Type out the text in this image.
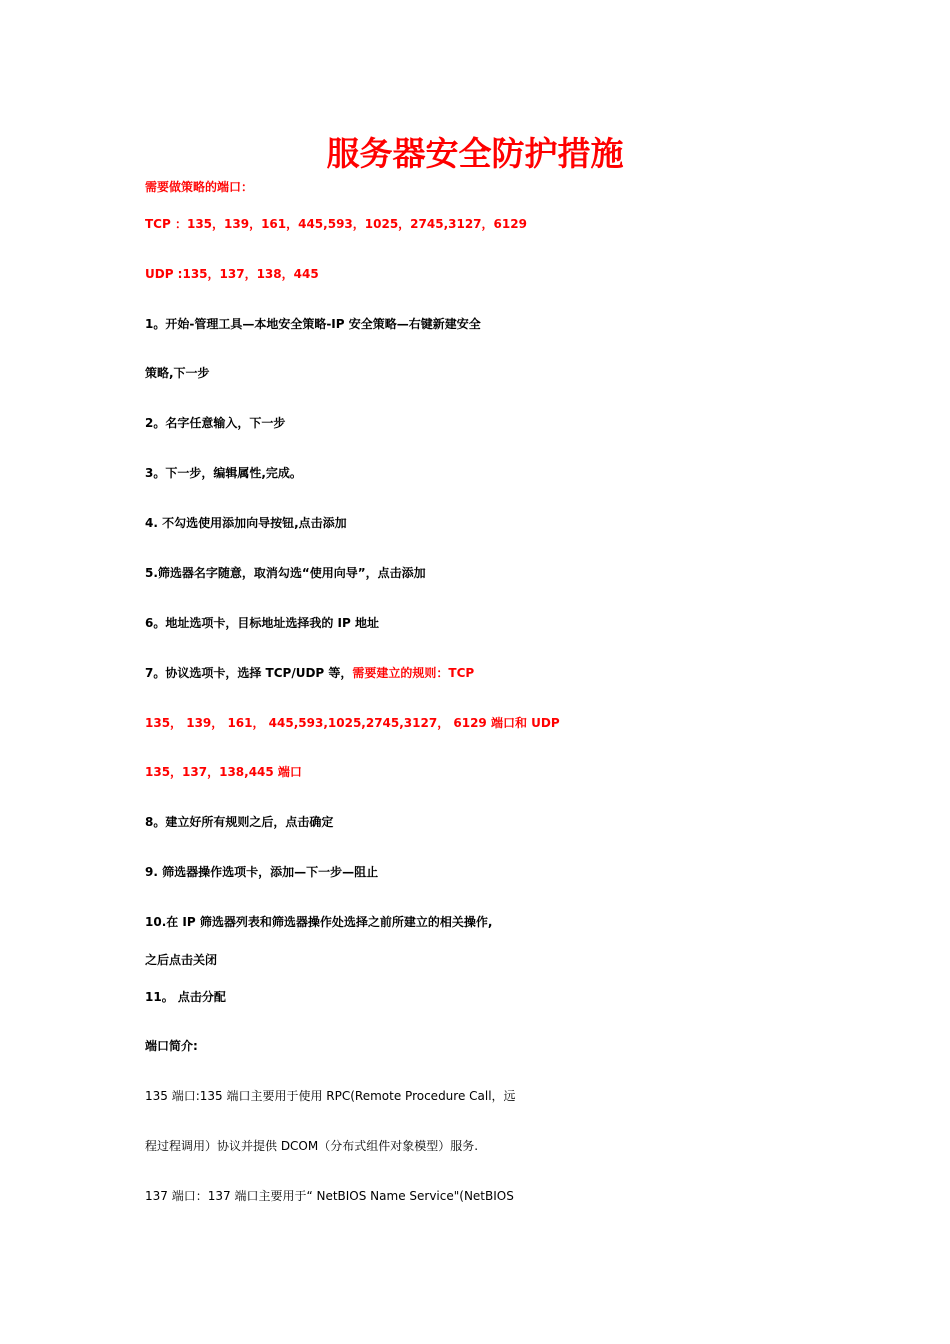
服务器安全防护措施

需要做策略的端口：

TCP ：135，139，161，445,593，1025，2745,3127，6129

UDP :135，137，138，445

1。开始-管理工具—本地安全策略-IP 安全策略—右键新建安全

策略,下一步

2。名字任意输入，下一步

3。下一步，编辑属性,完成。

4. 不勾选使用添加向导按钮,点击添加

5.筛选器名字随意，取消勾选“使用向导”，点击添加

6。地址选项卡，目标地址选择我的 IP 地址

7。协议选项卡，选择 TCP/UDP 等，需要建立的规则：TCP

135， 139， 161， 445,593,1025,2745,3127， 6129 端口和 UDP

135，137，138,445 端口

8。建立好所有规则之后，点击确定

9. 筛选器操作选项卡，添加—下一步—阻止

10.在 IP 筛选器列表和筛选器操作处选择之前所建立的相关操作,

之后点击关闭

11。 点击分配

端口简介:

135 端口:135 端口主要用于使用 RPC(Remote Procedure Call，远

程过程调用）协议并提供 DCOM（分布式组件对象模型）服务.

137 端口：137 端口主要用于“ NetBIOS Name Service"(NetBIOS
